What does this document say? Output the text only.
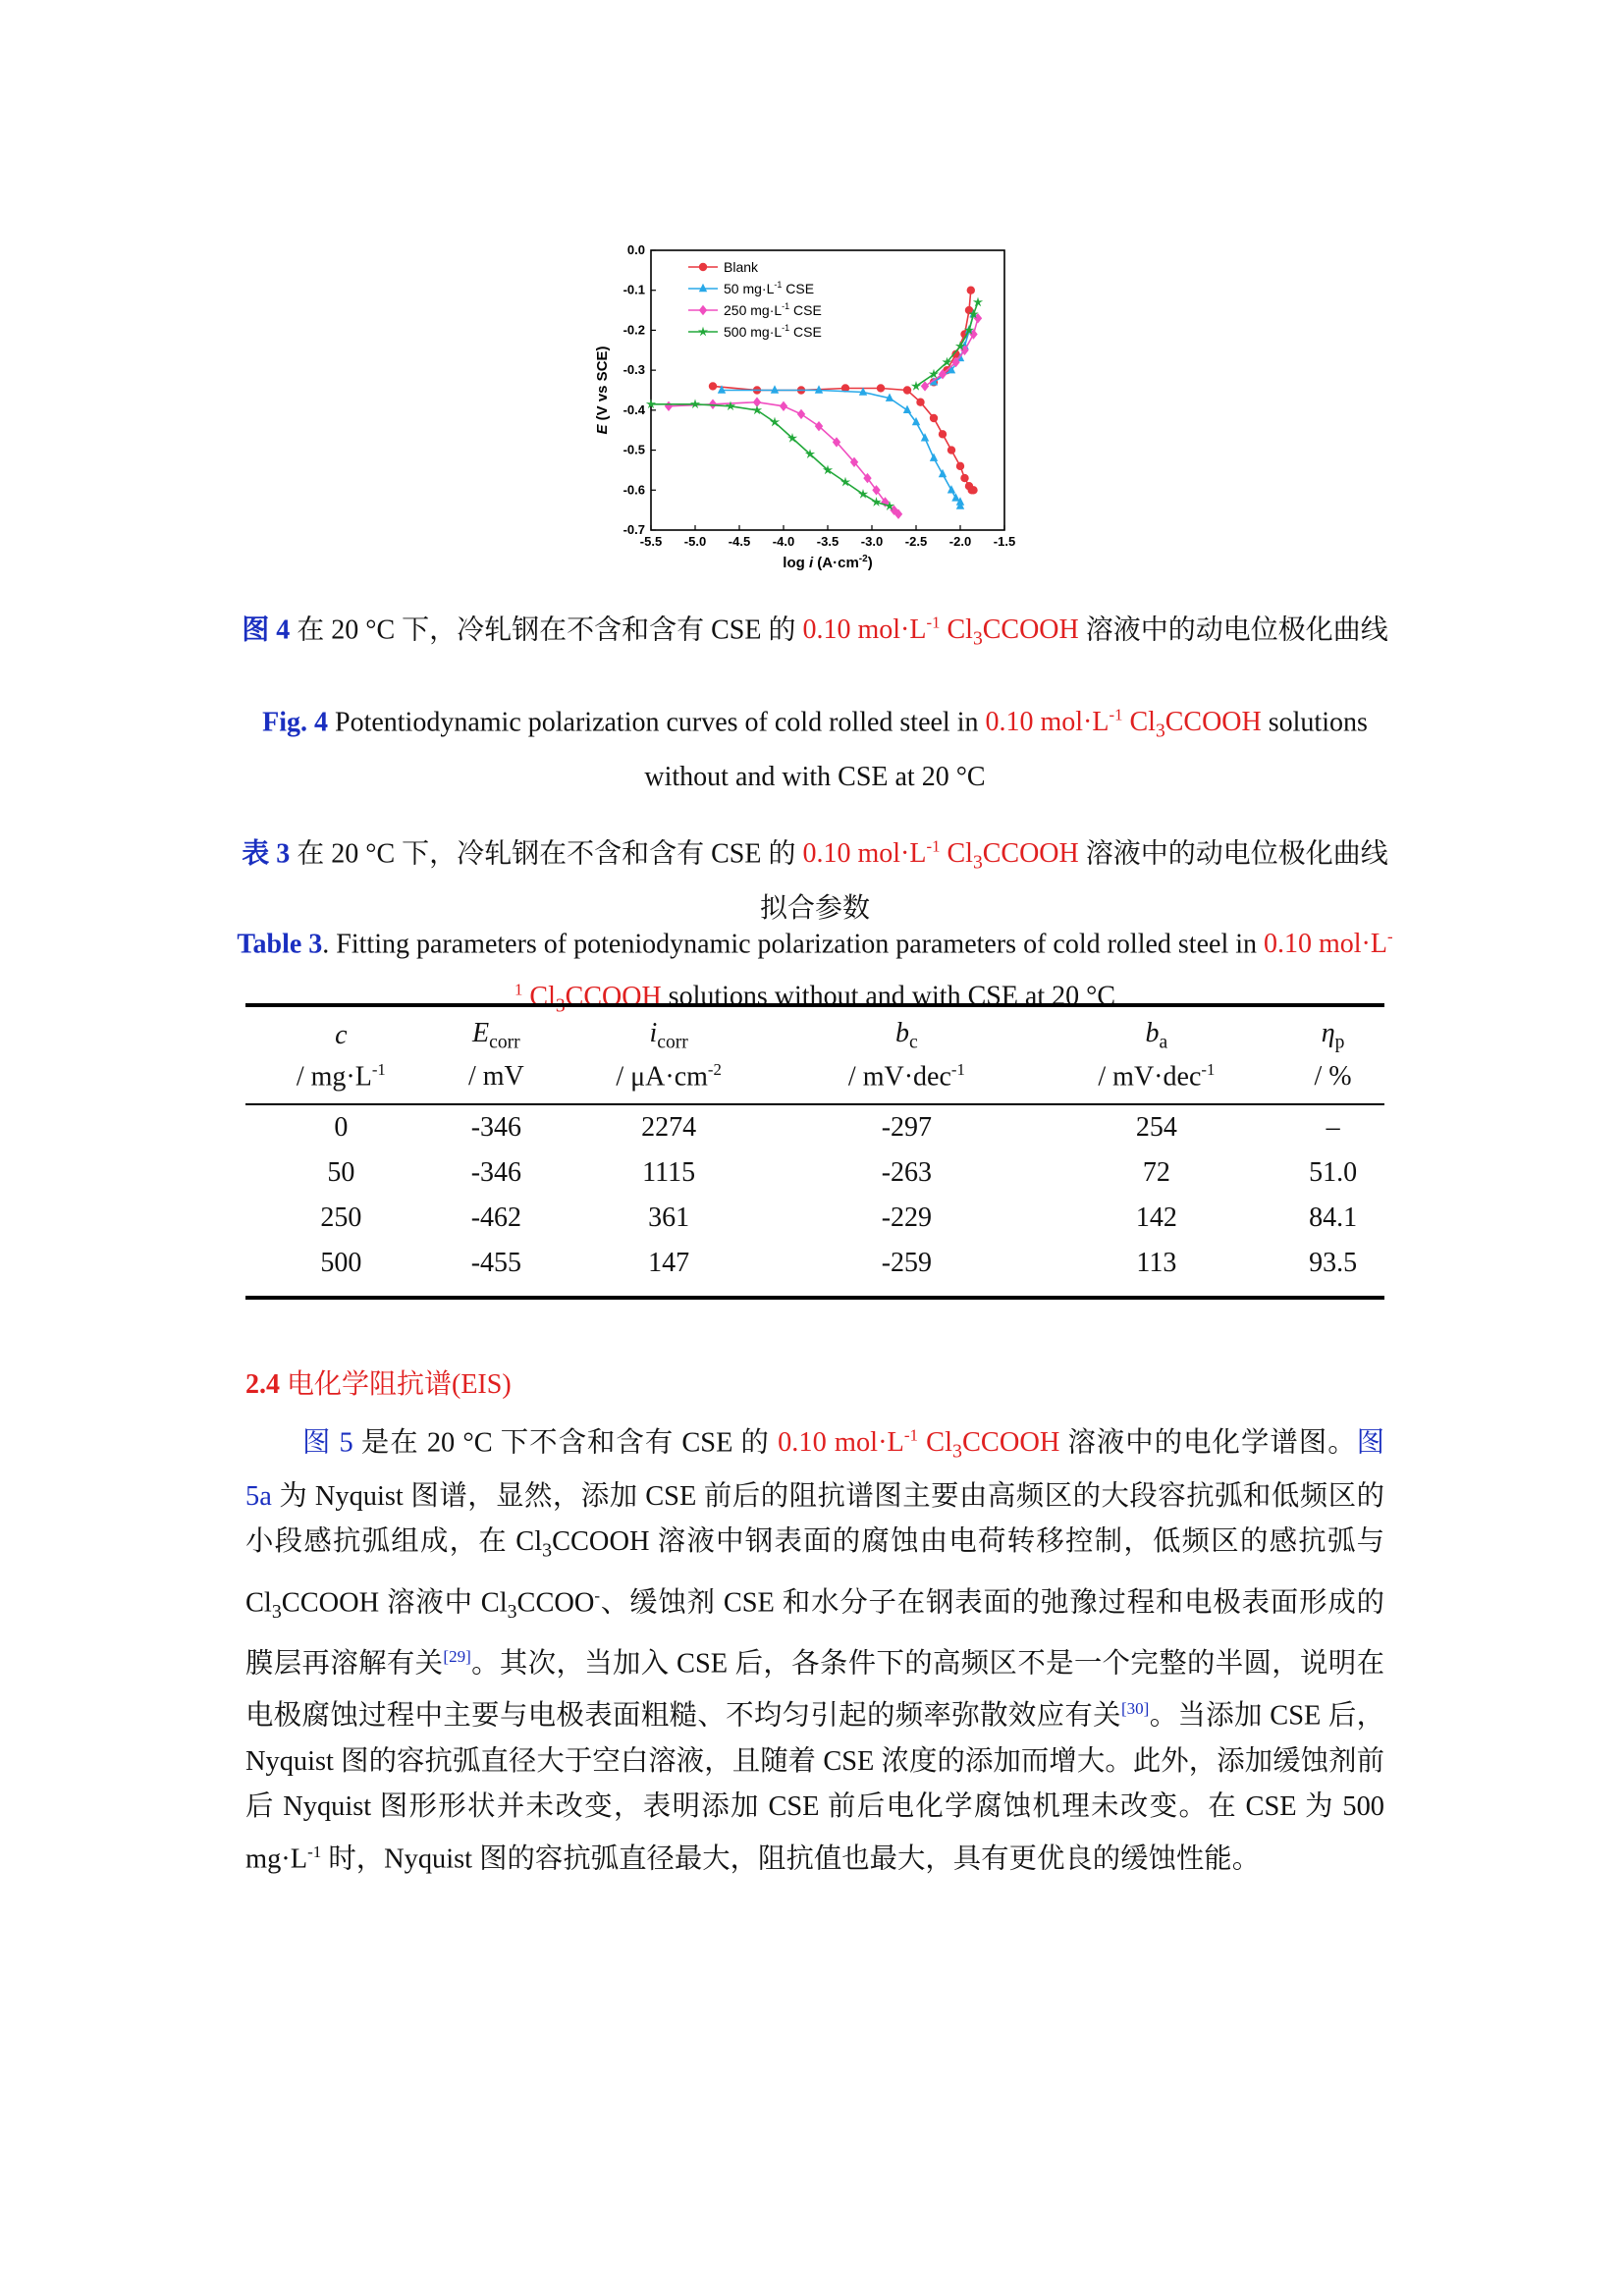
-5.5 -5.0 -4.5 -4.0 -3.5 -3.0 -2.5 -2.0 -1.5
0.0
-0.1
-0.2
-0.3
-0.4
-0.5
-0.6
-0.7
log i $(A\cdot cm^{-2})$
E (V vs SCE)
Blank
50 $mg\cdot L^{-1}$ CSE
250 $mg\cdot L^{-1}$ CSE
500 $mg\cdot L^{-1}$ CSE
图 4 在 20 °C 下，冷轧钢在不含和含有 CSE 的 0.10 $mol\cdot L^{-1}$ $Cl_3CCOOH$ 溶液中的动电位极化曲线
Fig. 4 Potentiodynamic polarization curves of cold rolled steel in 0.10 $mol\cdot L^{-1}$ $Cl_3CCOOH$ solutions without and with CSE at 20 °C
表 3 在 20 °C 下，冷轧钢在不含和含有 CSE 的 0.10 $mol\cdot L^{-1}$ $Cl_3CCOOH$ 溶液中的动电位极化曲线拟合参数
Table 3. Fitting parameters of poteniodynamic polarization parameters of cold rolled steel in 0.10 $mol\cdot L^{-1}$ $Cl_3CCOOH$ solutions without and with CSE at 20 °C
c	$E_{corr}$	$i_{corr}$	$b_c$	$b_a$	$\eta_p$
/ $mg\cdot L^{-1}$	/ mV	/ $\mu A\cdot cm^{-2}$	/ mV·dec$^{-1}$	/ mV·dec$^{-1}$	/ %
0	-346	2274	-297	254	–
50	-346	1115	-263	72	51.0
250	-462	361	-229	142	84.1
500	-455	147	-259	113	93.5
2.4 电化学阻抗谱(EIS)
图 5 是在 20 °C 下不含和含有 CSE 的 0.10 $mol\cdot L^{-1}$ $Cl_3CCOOH$ 溶液中的电化学谱图。图 5a 为 Nyquist 图谱，显然，添加 CSE 前后的阻抗谱图主要由高频区的大段容抗弧和低频区的小段感抗弧组成，在 $Cl_3CCOOH$ 溶液中钢表面的腐蚀由电荷转移控制，低频区的感抗弧与 $Cl_3CCOOH$ 溶液中 $Cl_3CCOO^-$、缓蚀剂 CSE 和水分子在钢表面的弛豫过程和电极表面形成的膜层再溶解有关[29]。其次，当加入 CSE 后，各条件下的高频区不是一个完整的半圆，说明在电极腐蚀过程中主要与电极表面粗糙、不均匀引起的频率弥散效应有关[30]。当添加 CSE 后，Nyquist 图的容抗弧直径大于空白溶液，且随着 CSE 浓度的添加而增大。此外，添加缓蚀剂前后 Nyquist 图形形状并未改变，表明添加 CSE 前后电化学腐蚀机理未改变。在 CSE 为 500 $mg\cdot L^{-1}$ 时，Nyquist 图的容抗弧直径最大，阻抗值也最大，具有更优良的缓蚀性能。
